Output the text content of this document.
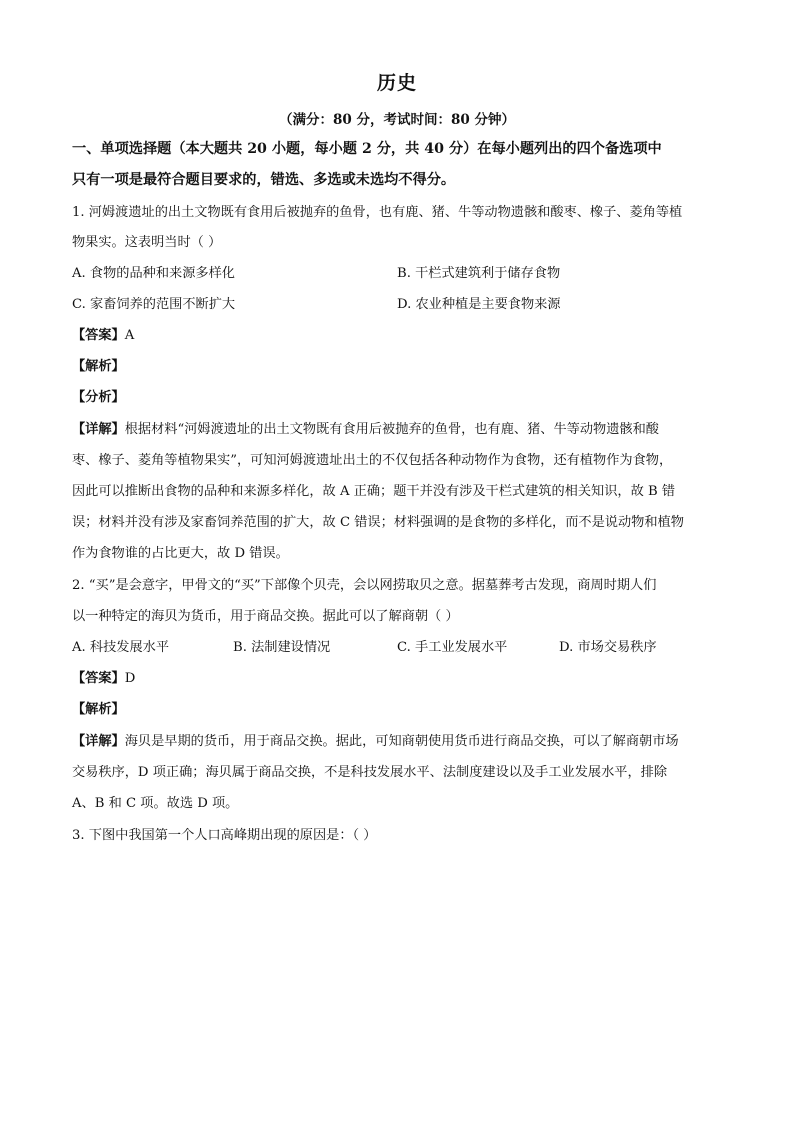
历史
（满分：80 分，考试时间：80 分钟）
一、单项选择题（本大题共 20 小题，每小题 2 分，共 40 分）在每小题列出的四个备选项中
只有一项是最符合题目要求的，错选、多选或未选均不得分。
1. 河姆渡遗址的出土文物既有食用后被抛弃的鱼骨，也有鹿、猪、牛等动物遗骸和酸枣、橡子、菱角等植
物果实。这表明当时（ ）
A. 食物的品种和来源多样化	B. 干栏式建筑利于储存食物
C. 家畜饲养的范围不断扩大	D. 农业种植是主要食物来源
【答案】A
【解析】
【分析】
【详解】根据材料“河姆渡遗址的出土文物既有食用后被抛弃的鱼骨，也有鹿、猪、牛等动物遗骸和酸
枣、橡子、菱角等植物果实”，可知河姆渡遗址出土的不仅包括各种动物作为食物，还有植物作为食物，
因此可以推断出食物的品种和来源多样化，故 A 正确；题干并没有涉及干栏式建筑的相关知识，故 B 错
误；材料并没有涉及家畜饲养范围的扩大，故 C 错误；材料强调的是食物的多样化，而不是说动物和植物
作为食物谁的占比更大，故 D 错误。
2. “买”是会意字，甲骨文的“买”下部像个贝壳，会以网捞取贝之意。据墓葬考古发现，商周时期人们
以一种特定的海贝为货币，用于商品交换。据此可以了解商朝（ ）
A. 科技发展水平	B. 法制建设情况	C. 手工业发展水平	D. 市场交易秩序
【答案】D
【解析】
【详解】海贝是早期的货币，用于商品交换。据此，可知商朝使用货币进行商品交换，可以了解商朝市场
交易秩序，D 项正确；海贝属于商品交换，不是科技发展水平、法制度建设以及手工业发展水平，排除
A、B 和 C 项。故选 D 项。
3. 下图中我国第一个人口高峰期出现的原因是：（ ）
